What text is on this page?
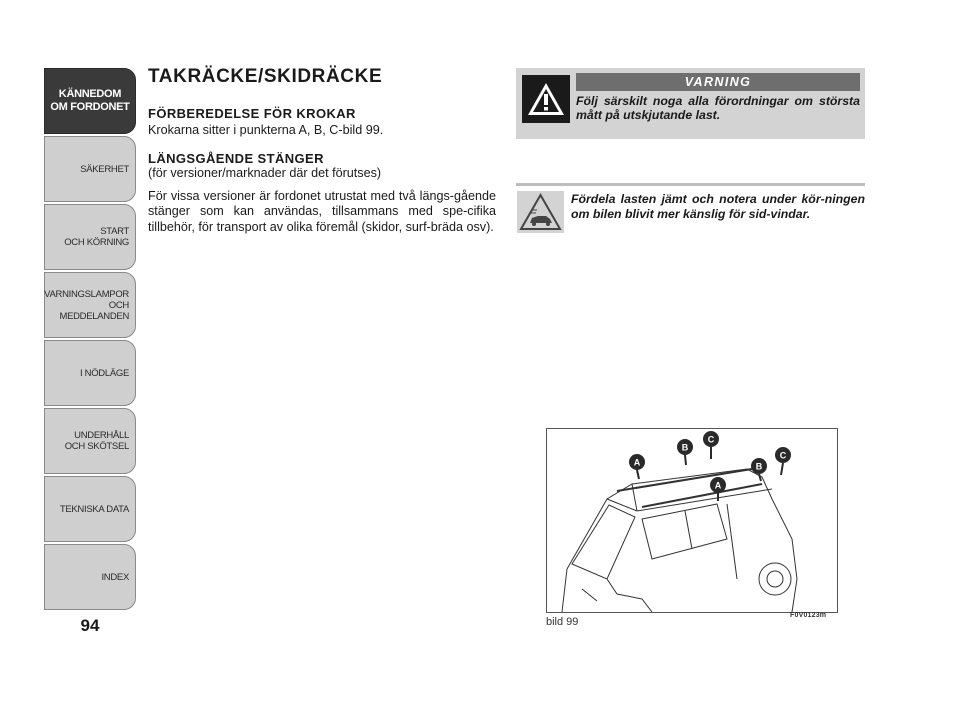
KÄNNEDOM
OM FORDONET
SÄKERHET
START
OCH KÖRNING
VARNINGSLAMPOR
OCH
MEDDELANDEN
I NÖDLÄGE
UNDERHÅLL
OCH SKÖTSEL
TEKNISKA DATA
INDEX
94
TAKRÄCKE/SKIDRÄCKE
FÖRBEREDELSE FÖR KROKAR

Krokarna sitter i punkterna A, B, C-bild 99.

LÄNGSGÅENDE STÄNGER

(för versioner/marknader där det förutses)

För vissa versioner är fordonet utrustat med två längs-gående stänger som kan användas, tillsammans med spe-cifika tillbehör, för transport av olika föremål (skidor, surf-bräda osv).

VARNING
Följ särskilt noga alla förordningar om största mått på utskjutande last.
Fördela lasten jämt och notera under kör-ningen om bilen blivit mer känslig för sid-vindar.
A
B
C
A
B
C
bild 99
F0V0123m
